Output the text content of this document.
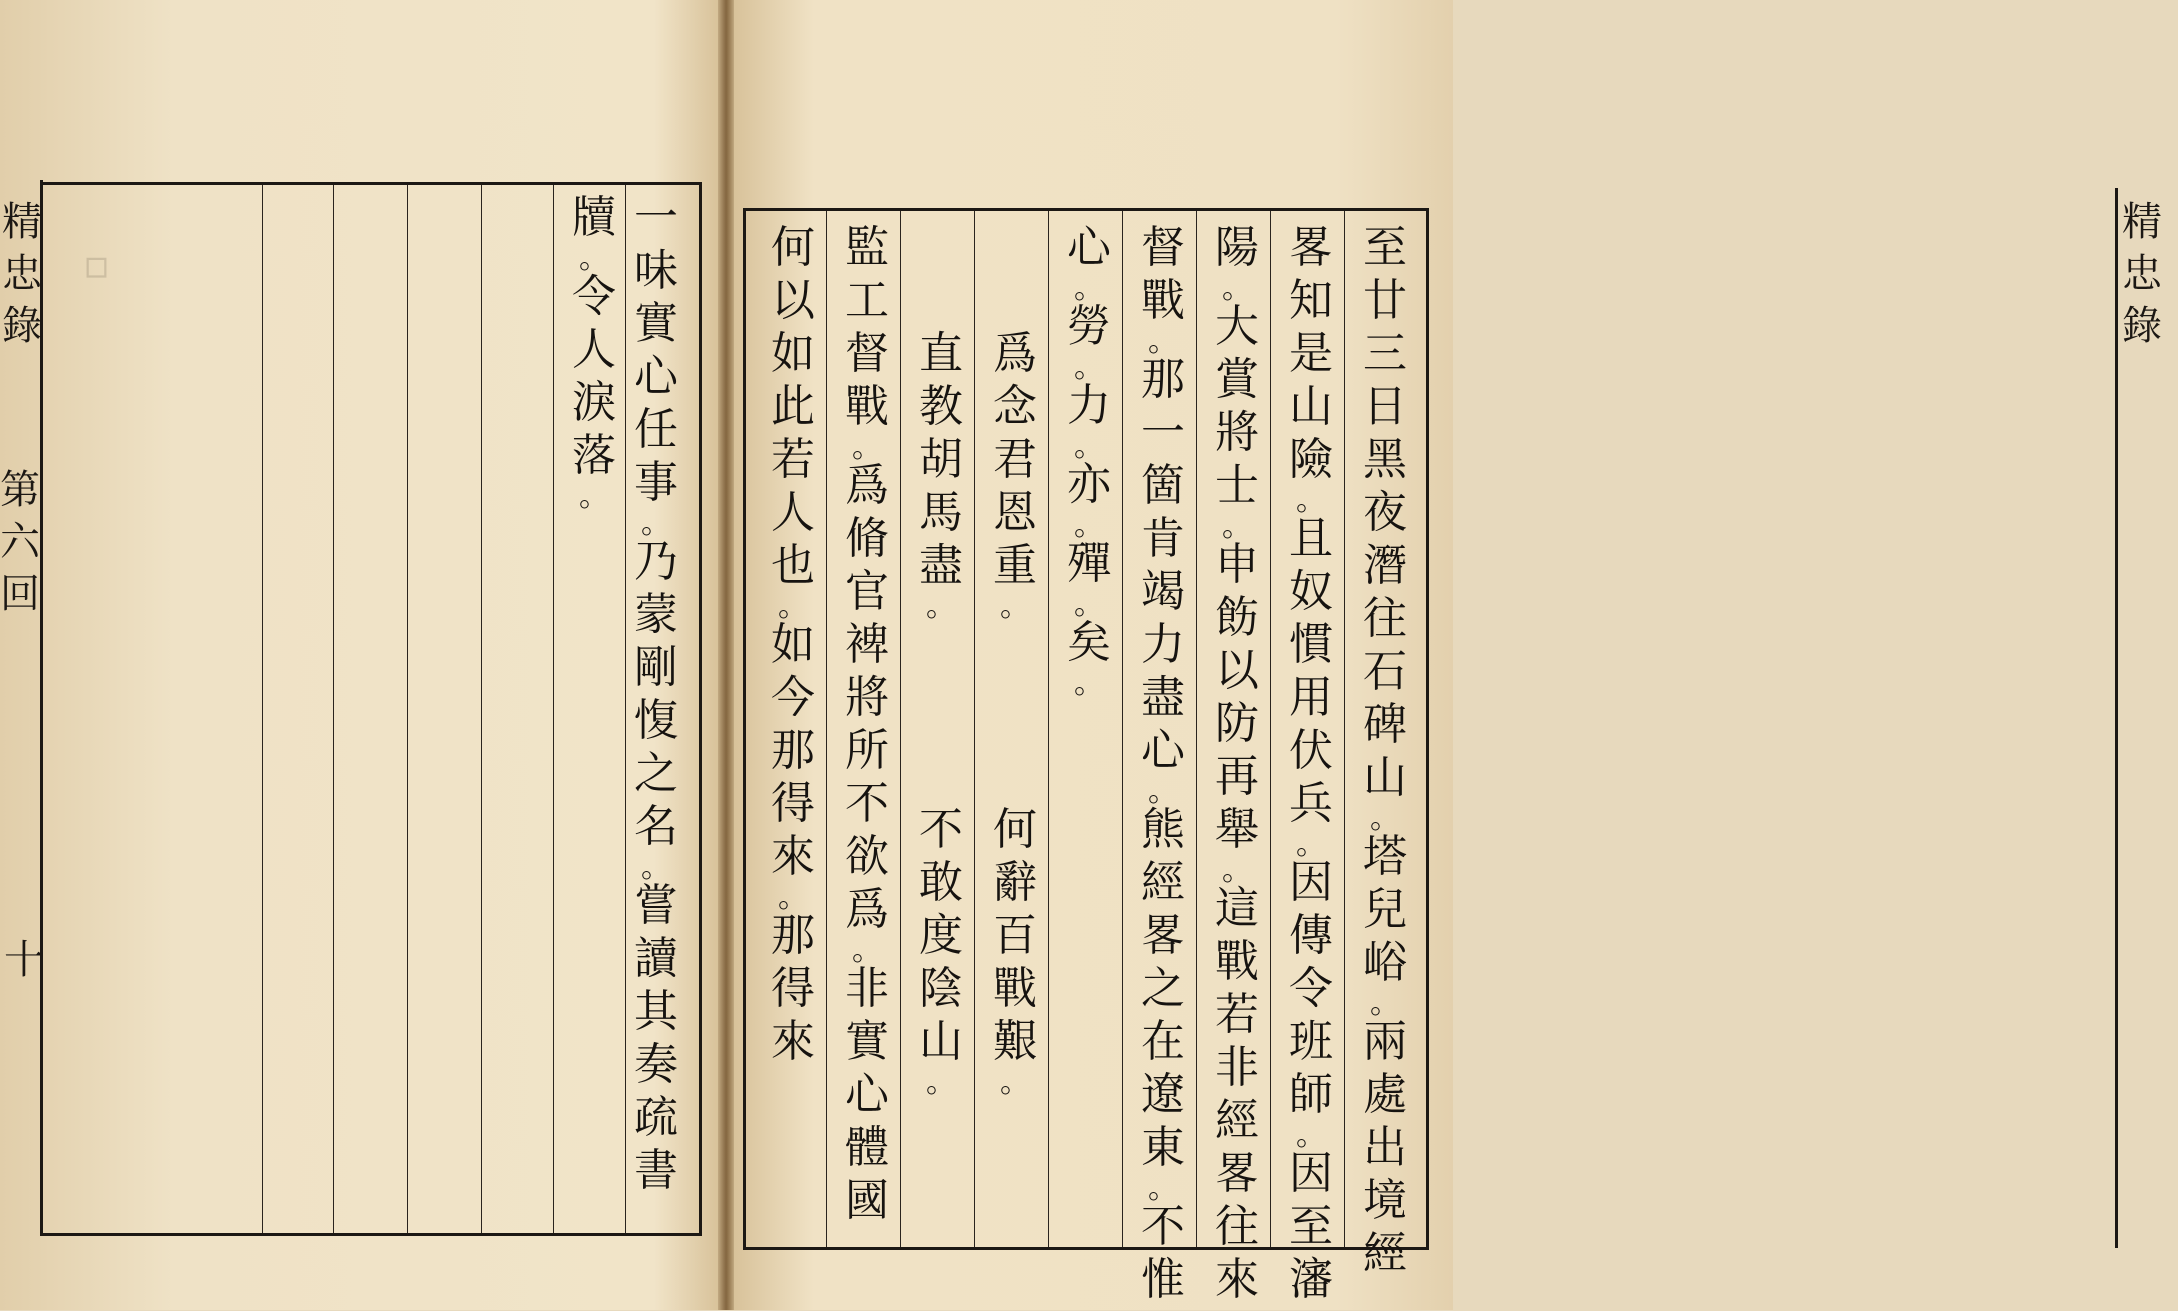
精
忠
錄
第
六
回
十
▫
一
味
實
心
任
事
。
乃
蒙
剛
愎
之
名
。
嘗
讀
其
奏
疏
書
牘
。
令
人
淚
落
。
精
忠
錄
至
廿
三
日
黑
夜
潛
往
石
碑
山
。
塔
兒
峪
。
兩
處
出
境
經
畧
知
是
山
險
。
且
奴
慣
用
伏
兵
。
因
傳
令
班
師
。
因
至
瀋
陽
。
大
賞
將
士
。
申
飭
以
防
再
舉
。
這
戰
若
非
經
畧
往
來
督
戰
。
那
一
箇
肯
竭
力
盡
心
。
熊
經
畧
之
在
遼
東
。
不
惟
心
。
勞
。
力
。
亦
。
殫
。
矣
。
爲
念
君
恩
重
。
直
教
胡
馬
盡
。
監
工
督
戰
。
爲
脩
官
裨
將
所
不
欲
爲
。
非
實
心
體
國
何
以
如
此
若
人
也
。
如
今
那
得
來
。
那
得
來
何
辭
百
戰
艱
。
不
敢
度
陰
山
。
